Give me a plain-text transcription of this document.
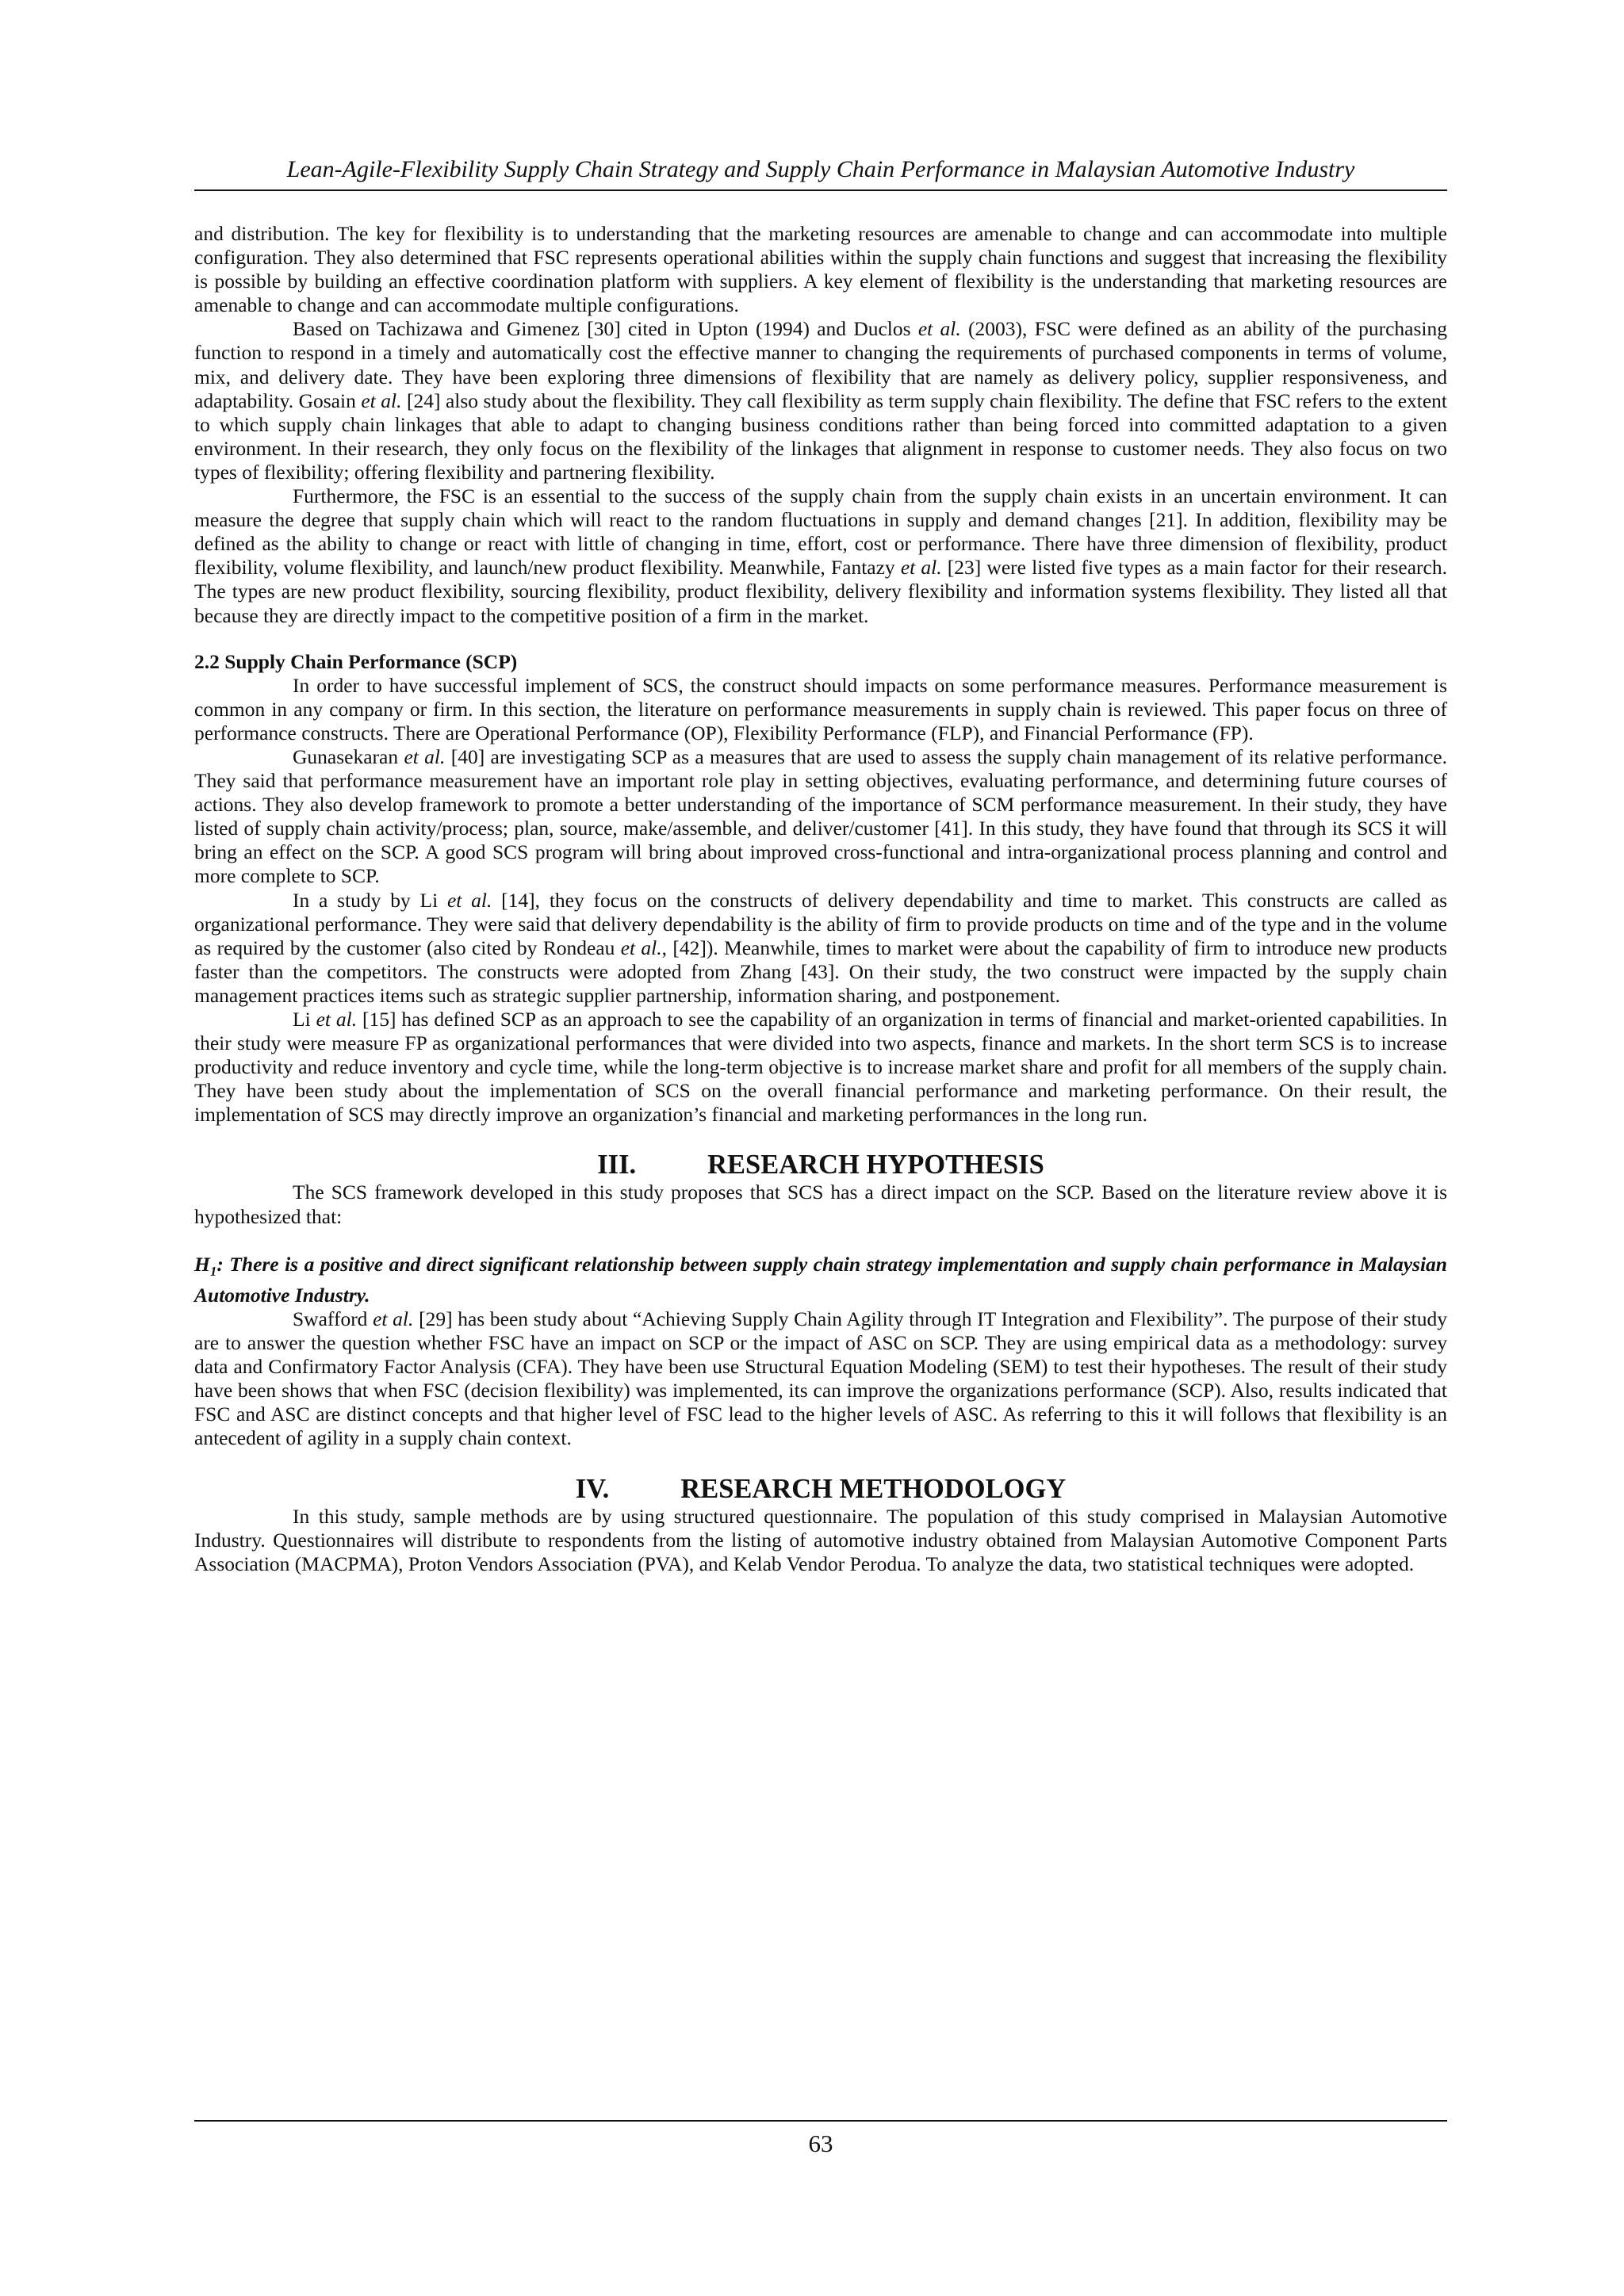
Lean-Agile-Flexibility Supply Chain Strategy and Supply Chain Performance in Malaysian Automotive Industry

and distribution. The key for flexibility is to understanding that the marketing resources are amenable to change and can accommodate into multiple configuration. They also determined that FSC represents operational abilities within the supply chain functions and suggest that increasing the flexibility is possible by building an effective coordination platform with suppliers. A key element of flexibility is the understanding that marketing resources are amenable to change and can accommodate multiple configurations.

Based on Tachizawa and Gimenez [30] cited in Upton (1994) and Duclos et al. (2003), FSC were defined as an ability of the purchasing function to respond in a timely and automatically cost the effective manner to changing the requirements of purchased components in terms of volume, mix, and delivery date. They have been exploring three dimensions of flexibility that are namely as delivery policy, supplier responsiveness, and adaptability. Gosain et al. [24] also study about the flexibility. They call flexibility as term supply chain flexibility. The define that FSC refers to the extent to which supply chain linkages that able to adapt to changing business conditions rather than being forced into committed adaptation to a given environment. In their research, they only focus on the flexibility of the linkages that alignment in response to customer needs. They also focus on two types of flexibility; offering flexibility and partnering flexibility.

Furthermore, the FSC is an essential to the success of the supply chain from the supply chain exists in an uncertain environment. It can measure the degree that supply chain which will react to the random fluctuations in supply and demand changes [21]. In addition, flexibility may be defined as the ability to change or react with little of changing in time, effort, cost or performance. There have three dimension of flexibility, product flexibility, volume flexibility, and launch/new product flexibility. Meanwhile, Fantazy et al. [23] were listed five types as a main factor for their research. The types are new product flexibility, sourcing flexibility, product flexibility, delivery flexibility and information systems flexibility. They listed all that because they are directly impact to the competitive position of a firm in the market.

2.2 Supply Chain Performance (SCP)

In order to have successful implement of SCS, the construct should impacts on some performance measures. Performance measurement is common in any company or firm. In this section, the literature on performance measurements in supply chain is reviewed. This paper focus on three of performance constructs. There are Operational Performance (OP), Flexibility Performance (FLP), and Financial Performance (FP).

Gunasekaran et al. [40] are investigating SCP as a measures that are used to assess the supply chain management of its relative performance. They said that performance measurement have an important role play in setting objectives, evaluating performance, and determining future courses of actions. They also develop framework to promote a better understanding of the importance of SCM performance measurement. In their study, they have listed of supply chain activity/process; plan, source, make/assemble, and deliver/customer [41]. In this study, they have found that through its SCS it will bring an effect on the SCP. A good SCS program will bring about improved cross-functional and intra-organizational process planning and control and more complete to SCP.

In a study by Li et al. [14], they focus on the constructs of delivery dependability and time to market. This constructs are called as organizational performance. They were said that delivery dependability is the ability of firm to provide products on time and of the type and in the volume as required by the customer (also cited by Rondeau et al., [42]). Meanwhile, times to market were about the capability of firm to introduce new products faster than the competitors. The constructs were adopted from Zhang [43]. On their study, the two construct were impacted by the supply chain management practices items such as strategic supplier partnership, information sharing, and postponement.

Li et al. [15] has defined SCP as an approach to see the capability of an organization in terms of financial and market-oriented capabilities. In their study were measure FP as organizational performances that were divided into two aspects, finance and markets. In the short term SCS is to increase productivity and reduce inventory and cycle time, while the long-term objective is to increase market share and profit for all members of the supply chain. They have been study about the implementation of SCS on the overall financial performance and marketing performance. On their result, the implementation of SCS may directly improve an organization’s financial and marketing performances in the long run.

III.	RESEARCH HYPOTHESIS

The SCS framework developed in this study proposes that SCS has a direct impact on the SCP. Based on the literature review above it is hypothesized that:

$H_1$: There is a positive and direct significant relationship between supply chain strategy implementation and supply chain performance in Malaysian Automotive Industry.

Swafford et al. [29] has been study about “Achieving Supply Chain Agility through IT Integration and Flexibility”. The purpose of their study are to answer the question whether FSC have an impact on SCP or the impact of ASC on SCP. They are using empirical data as a methodology: survey data and Confirmatory Factor Analysis (CFA). They have been use Structural Equation Modeling (SEM) to test their hypotheses. The result of their study have been shows that when FSC (decision flexibility) was implemented, its can improve the organizations performance (SCP). Also, results indicated that FSC and ASC are distinct concepts and that higher level of FSC lead to the higher levels of ASC. As referring to this it will follows that flexibility is an antecedent of agility in a supply chain context.

IV.	RESEARCH METHODOLOGY

In this study, sample methods are by using structured questionnaire. The population of this study comprised in Malaysian Automotive Industry. Questionnaires will distribute to respondents from the listing of automotive industry obtained from Malaysian Automotive Component Parts Association (MACPMA), Proton Vendors Association (PVA), and Kelab Vendor Perodua. To analyze the data, two statistical techniques were adopted.

63
